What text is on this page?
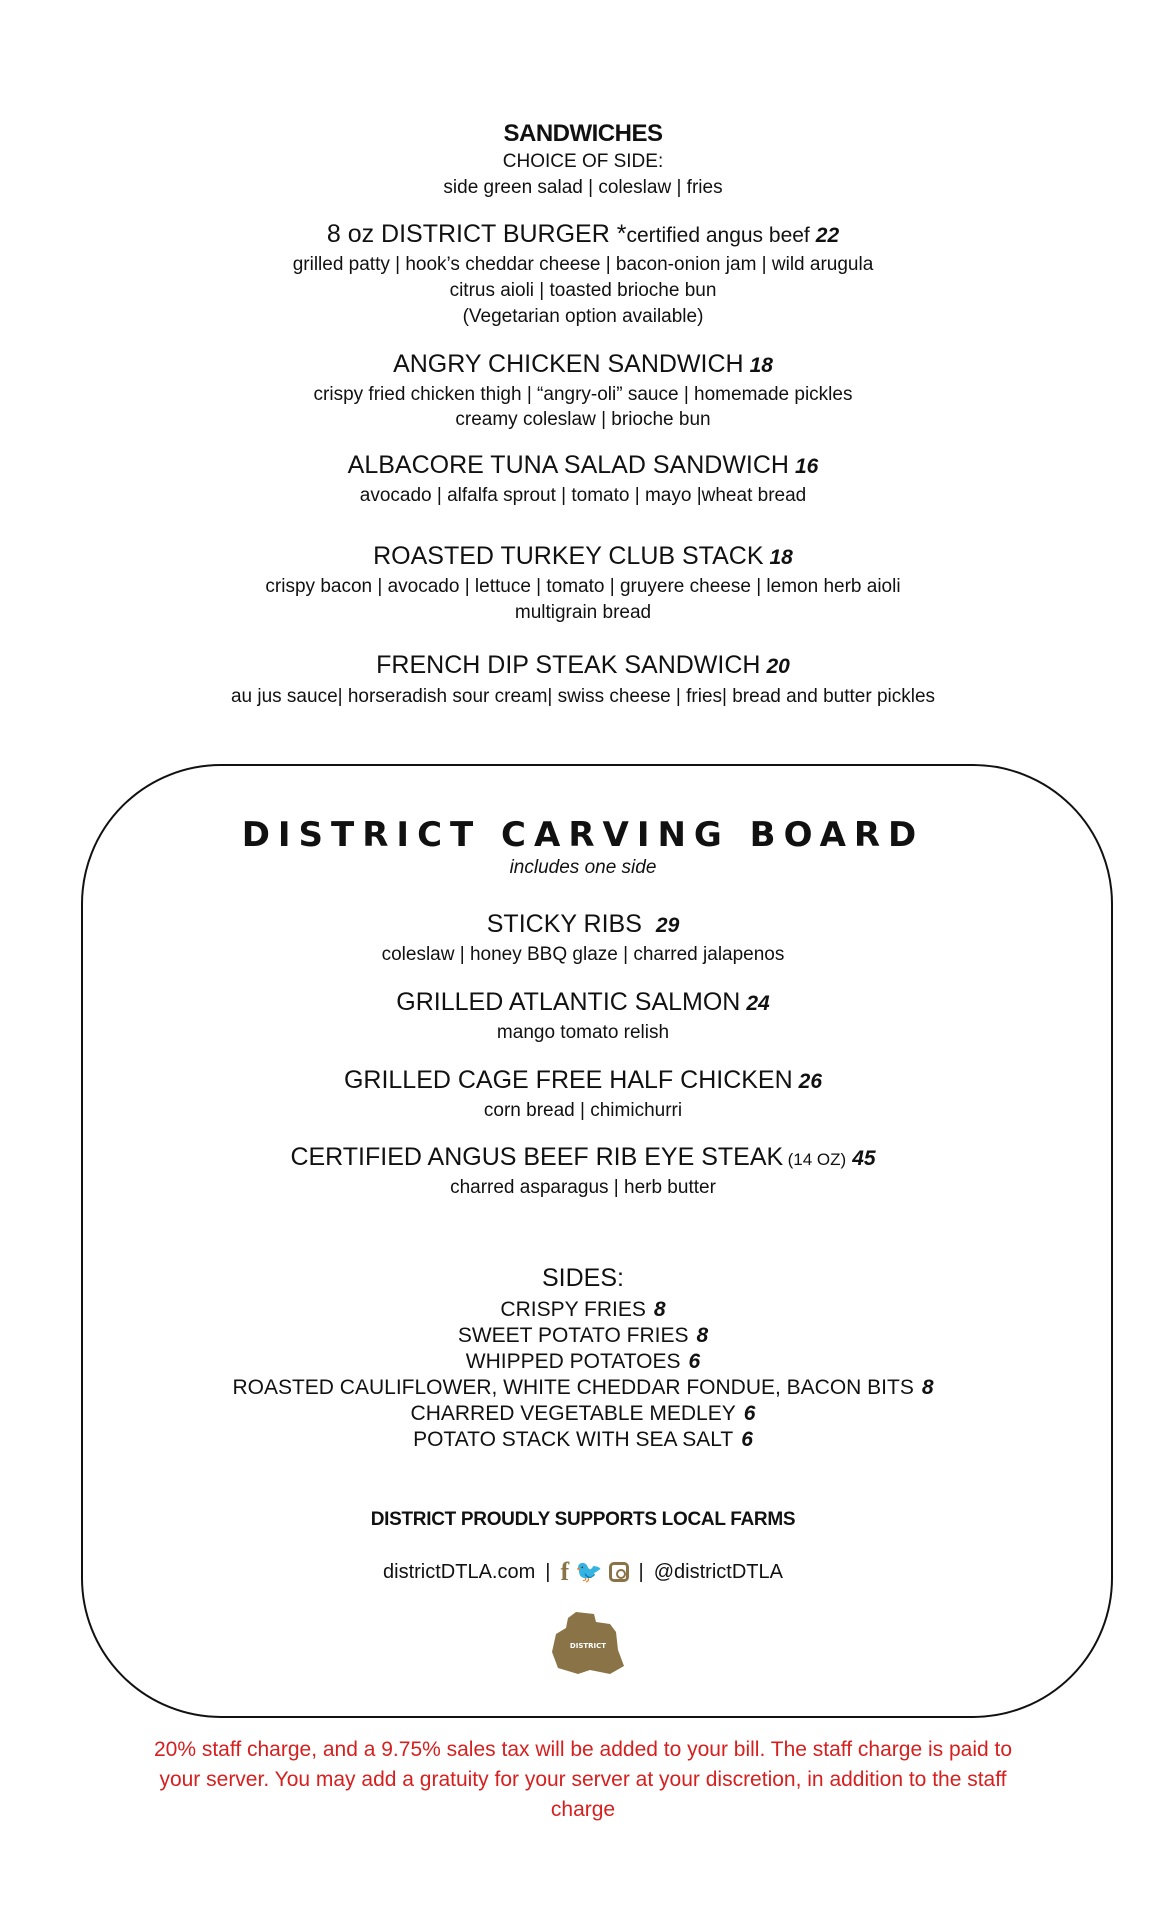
SANDWICHES
CHOICE OF SIDE:
side green salad | coleslaw | fries
8 oz DISTRICT BURGER *certified angus beef 22
grilled patty | hook’s cheddar cheese | bacon-onion jam | wild arugula
citrus aioli | toasted brioche bun
(Vegetarian option available)
ANGRY CHICKEN SANDWICH 18
crispy fried chicken thigh | “angry-oli” sauce | homemade pickles
creamy coleslaw | brioche bun
ALBACORE TUNA SALAD SANDWICH 16
avocado | alfalfa sprout | tomato | mayo |wheat bread
ROASTED TURKEY CLUB STACK 18
crispy bacon | avocado | lettuce | tomato | gruyere cheese | lemon herb aioli
multigrain bread
FRENCH DIP STEAK SANDWICH 20
au jus sauce| horseradish sour cream| swiss cheese | fries| bread and butter pickles
DISTRICT CARVING BOARD
includes one side
STICKY RIBS 29
coleslaw | honey BBQ glaze | charred jalapenos
GRILLED ATLANTIC SALMON 24
mango tomato relish
GRILLED CAGE FREE HALF CHICKEN 26
corn bread | chimichurri
CERTIFIED ANGUS BEEF RIB EYE STEAK (14 OZ) 45
charred asparagus | herb butter
SIDES:
CRISPY FRIES 8
SWEET POTATO FRIES 8
WHIPPED POTATOES 6
ROASTED CAULIFLOWER, WHITE CHEDDAR FONDUE, BACON BITS 8
CHARRED VEGETABLE MEDLEY 6
POTATO STACK WITH SEA SALT 6
DISTRICT PROUDLY SUPPORTS LOCAL FARMS
districtDTLA.com | f 🐦 | @districtDTLA
DISTRICT
20% staff charge, and a 9.75% sales tax will be added to your bill. The staff charge is paid to your server. You may add a gratuity for your server at your discretion, in addition to the staff charge
